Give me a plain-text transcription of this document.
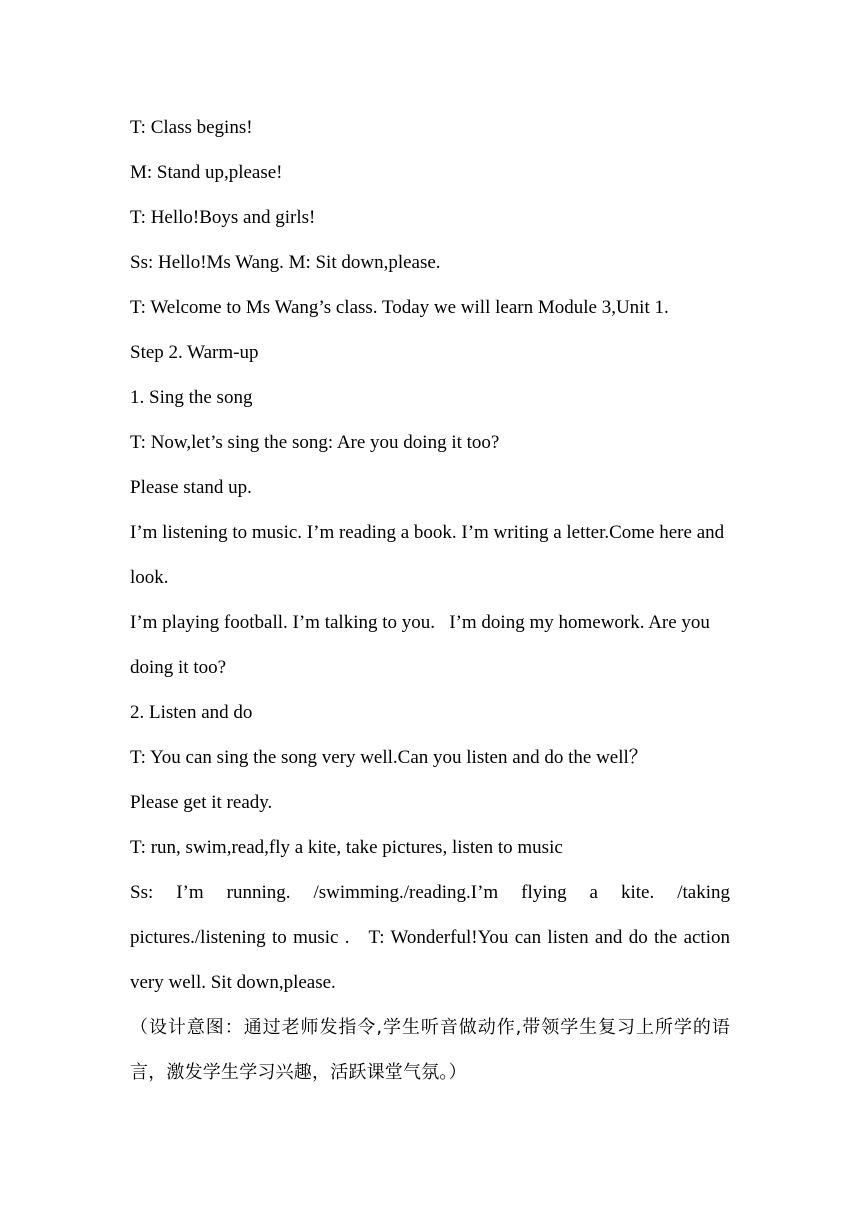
T: Class begins!

M: Stand up,please!

T: Hello!Boys and girls!

Ss: Hello!Ms Wang. M: Sit down,please.

T: Welcome to Ms Wang’s class. Today we will learn Module 3,Unit 1.

Step 2. Warm-up

1. Sing the song

T: Now,let’s sing the song: Are you doing it too?

Please stand up.

I’m listening to music. I’m reading a book. I’m writing a letter.Come here and look.

I’m playing football. I’m talking to you.   I’m doing my homework. Are you doing it too?

2. Listen and do

T: You can sing the song very well.Can you listen and do the well？

Please get it ready.

T: run, swim,read,fly a kite, take pictures, listen to music

Ss: I’m running. /swimming./reading.I’m flying a kite. /taking pictures./listening to music .   T: Wonderful!You can listen and do the action very well. Sit down,please.

（设计意图：通过老师发指令,学生听音做动作,带领学生复习上所学的语言，激发学生学习兴趣，活跃课堂气氛。）
